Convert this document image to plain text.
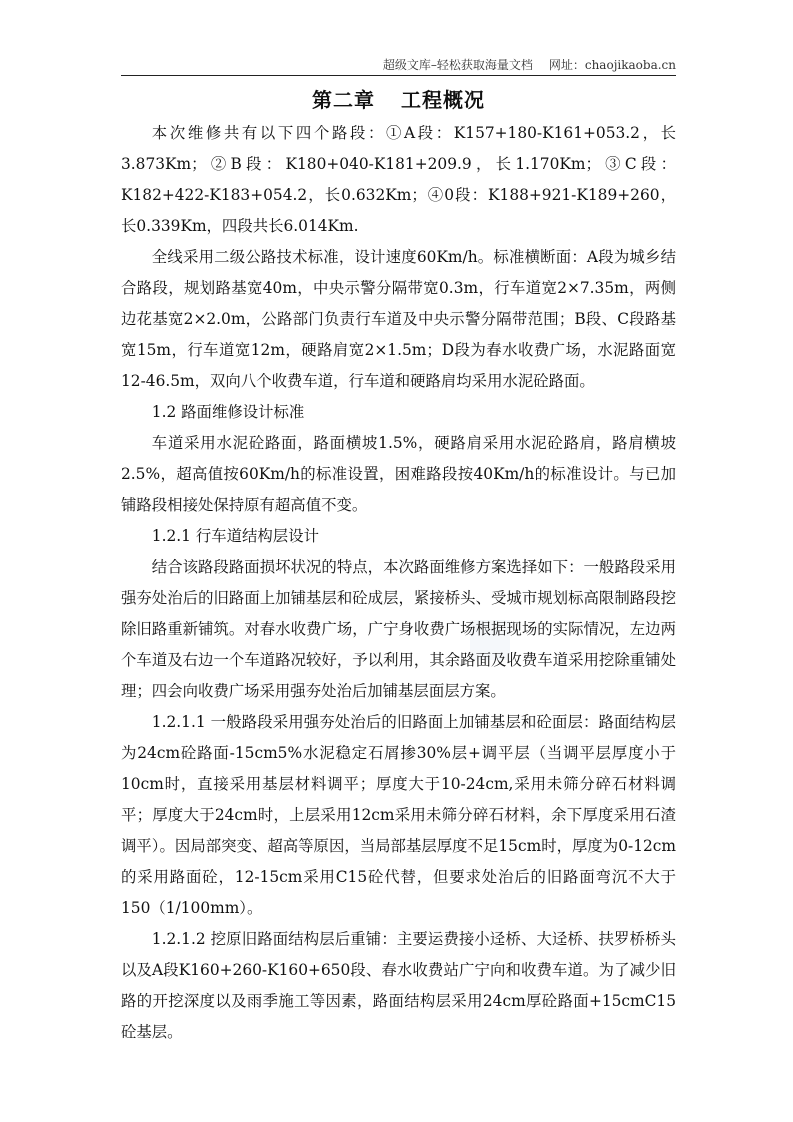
超级文库–轻松获取海量文档 网址：chaojikaoba.cn
第二章 工程概况

本次维修共有以下四个路段：①A段：K157+180-K161+053.2，长3.873Km；②B段：K180+040-K181+209.9，长1.170Km；③C段：K182+422-K183+054.2，长0.632Km；④0段：K188+921-K189+260，长0.339Km，四段共长6.014Km.

全线采用二级公路技术标准，设计速度60Km/h。标准横断面：A段为城乡结合路段，规划路基宽40m，中央示警分隔带宽0.3m，行车道宽2×7.35m，两侧边花基宽2×2.0m，公路部门负责行车道及中央示警分隔带范围；B段、C段路基宽15m，行车道宽12m，硬路肩宽2×1.5m；D段为春水收费广场，水泥路面宽12-46.5m，双向八个收费车道，行车道和硬路肩均采用水泥砼路面。

1.2 路面维修设计标准

车道采用水泥砼路面，路面横坡1.5%，硬路肩采用水泥砼路肩，路肩横坡2.5%，超高值按60Km/h的标准设置，困难路段按40Km/h的标准设计。与已加铺路段相接处保持原有超高值不变。

1.2.1 行车道结构层设计

结合该路段路面损坏状况的特点，本次路面维修方案选择如下：一般路段采用强夯处治后的旧路面上加铺基层和砼成层，紧接桥头、受城市规划标高限制路段挖除旧路重新铺筑。对春水收费广场，广宁身收费广场根据现场的实际情况，左边两个车道及右边一个车道路况较好，予以利用，其余路面及收费车道采用挖除重铺处理；四会向收费广场采用强夯处治后加铺基层面层方案。

1.2.1.1 一般路段采用强夯处治后的旧路面上加铺基层和砼面层：路面结构层为24cm砼路面-15cm5%水泥稳定石屑掺30%层+调平层（当调平层厚度小于10cm时，直接采用基层材料调平；厚度大于10-24cm,采用未筛分碎石材料调平；厚度大于24cm时，上层采用12cm采用未筛分碎石材料，余下厚度采用石渣调平）。因局部突变、超高等原因，当局部基层厚度不足15cm时，厚度为0-12cm的采用路面砼，12-15cm采用C15砼代替，但要求处治后的旧路面弯沉不大于150（1/100mm）。

1.2.1.2 挖原旧路面结构层后重铺：主要运费接小迳桥、大迳桥、扶罗桥桥头以及A段K160+260-K160+650段、春水收费站广宁向和收费车道。为了减少旧路的开挖深度以及雨季施工等因素，路面结构层采用24cm厚砼路面+15cmC15砼基层。
